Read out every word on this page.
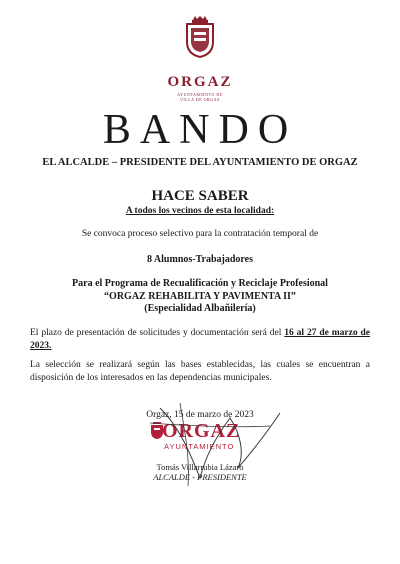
ORGAZ
AYUNTAMIENTO DE
VILLA DE ORGAZ
BANDO
EL ALCALDE – PRESIDENTE DEL AYUNTAMIENTO DE ORGAZ
HACE SABER
A todos los vecinos de esta localidad:
Se convoca proceso selectivo para la contratación temporal de
8 Alumnos-Trabajadores
Para el Programa de Recualificación y Reciclaje Profesional
“ORGAZ REHABILITA Y PAVIMENTA II”
(Especialidad Albañilería)
El plazo de presentación de solicitudes y documentación será del 16 al 27 de marzo de 2023.
La selección se realizará según las bases establecidas, las cuales se encuentran a disposición de los interesados en las dependencias municipales.
Orgaz, 15 de marzo de 2023
ORGAZ
AYUNTAMIENTO
Tomás Villarrubia Lázaro
ALCALDE - PRESIDENTE
